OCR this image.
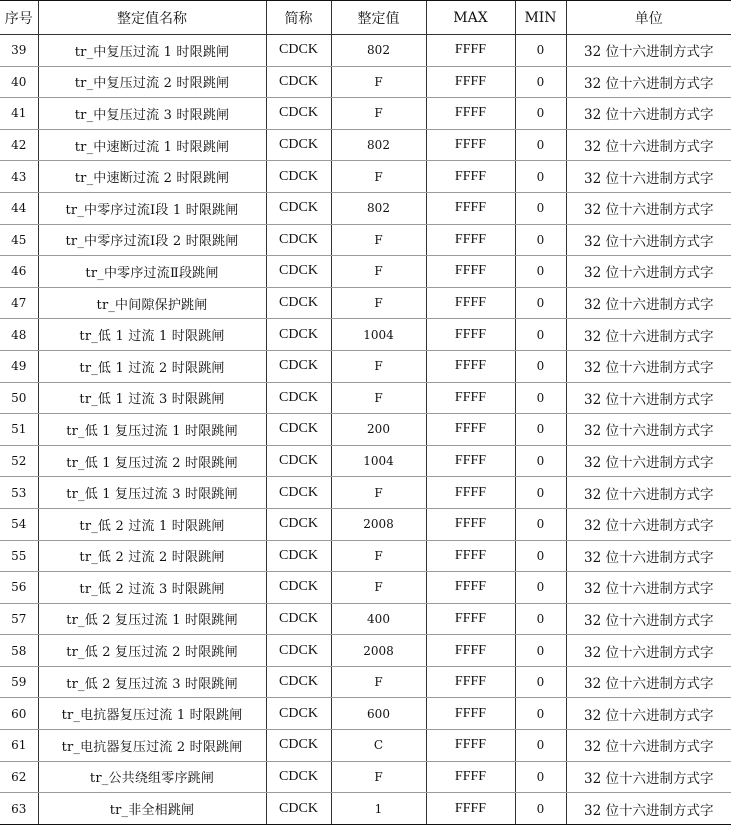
序号	整定值名称	简称	整定值	MAX	MIN	单位
39	tr_中复压过流 1 时限跳闸	CDCK	802	FFFF	0	32 位十六进制方式字
40	tr_中复压过流 2 时限跳闸	CDCK	F	FFFF	0	32 位十六进制方式字
41	tr_中复压过流 3 时限跳闸	CDCK	F	FFFF	0	32 位十六进制方式字
42	tr_中速断过流 1 时限跳闸	CDCK	802	FFFF	0	32 位十六进制方式字
43	tr_中速断过流 2 时限跳闸	CDCK	F	FFFF	0	32 位十六进制方式字
44	tr_中零序过流Ⅰ段 1 时限跳闸	CDCK	802	FFFF	0	32 位十六进制方式字
45	tr_中零序过流Ⅰ段 2 时限跳闸	CDCK	F	FFFF	0	32 位十六进制方式字
46	tr_中零序过流Ⅱ段跳闸	CDCK	F	FFFF	0	32 位十六进制方式字
47	tr_中间隙保护跳闸	CDCK	F	FFFF	0	32 位十六进制方式字
48	tr_低 1 过流 1 时限跳闸	CDCK	1004	FFFF	0	32 位十六进制方式字
49	tr_低 1 过流 2 时限跳闸	CDCK	F	FFFF	0	32 位十六进制方式字
50	tr_低 1 过流 3 时限跳闸	CDCK	F	FFFF	0	32 位十六进制方式字
51	tr_低 1 复压过流 1 时限跳闸	CDCK	200	FFFF	0	32 位十六进制方式字
52	tr_低 1 复压过流 2 时限跳闸	CDCK	1004	FFFF	0	32 位十六进制方式字
53	tr_低 1 复压过流 3 时限跳闸	CDCK	F	FFFF	0	32 位十六进制方式字
54	tr_低 2 过流 1 时限跳闸	CDCK	2008	FFFF	0	32 位十六进制方式字
55	tr_低 2 过流 2 时限跳闸	CDCK	F	FFFF	0	32 位十六进制方式字
56	tr_低 2 过流 3 时限跳闸	CDCK	F	FFFF	0	32 位十六进制方式字
57	tr_低 2 复压过流 1 时限跳闸	CDCK	400	FFFF	0	32 位十六进制方式字
58	tr_低 2 复压过流 2 时限跳闸	CDCK	2008	FFFF	0	32 位十六进制方式字
59	tr_低 2 复压过流 3 时限跳闸	CDCK	F	FFFF	0	32 位十六进制方式字
60	tr_电抗器复压过流 1 时限跳闸	CDCK	600	FFFF	0	32 位十六进制方式字
61	tr_电抗器复压过流 2 时限跳闸	CDCK	C	FFFF	0	32 位十六进制方式字
62	tr_公共绕组零序跳闸	CDCK	F	FFFF	0	32 位十六进制方式字
63	tr_非全相跳闸	CDCK	1	FFFF	0	32 位十六进制方式字
